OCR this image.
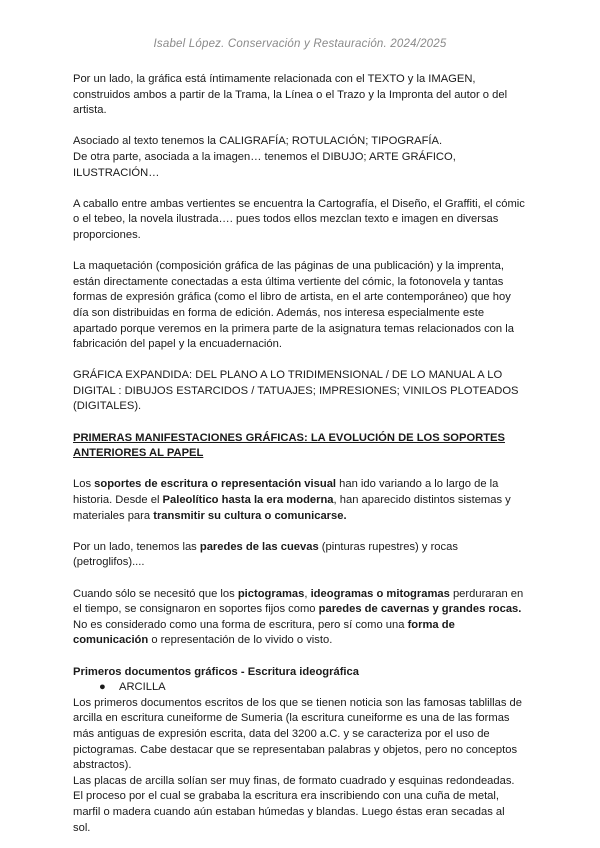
Isabel López. Conservación y Restauración. 2024/2025

Por un lado, la gráfica está íntimamente relacionada con el TEXTO y la IMAGEN, construidos ambos a partir de la Trama, la Línea o el Trazo y la Impronta del autor o del artista.

Asociado al texto tenemos la CALIGRAFÍA; ROTULACIÓN; TIPOGRAFÍA.

De otra parte, asociada a la imagen… tenemos el DIBUJO; ARTE GRÁFICO, ILUSTRACIÓN…

A caballo entre ambas vertientes se encuentra la Cartografía, el Diseño, el Graffiti, el cómic o el tebeo, la novela ilustrada…. pues todos ellos mezclan texto e imagen en diversas proporciones.

La maquetación (composición gráfica de las páginas de una publicación) y la imprenta, están directamente conectadas a esta última vertiente del cómic, la fotonovela y tantas formas de expresión gráfica (como el libro de artista, en el arte contemporáneo) que hoy día son distribuidas en forma de edición. Además, nos interesa especialmente este apartado porque veremos en la primera parte de la asignatura temas relacionados con la fabricación del papel y la encuadernación.

GRÁFICA EXPANDIDA: DEL PLANO A LO TRIDIMENSIONAL / DE LO MANUAL A LO DIGITAL : DIBUJOS ESTARCIDOS / TATUAJES; IMPRESIONES; VINILOS PLOTEADOS (DIGITALES).

PRIMERAS MANIFESTACIONES GRÁFICAS: LA EVOLUCIÓN DE LOS SOPORTES ANTERIORES AL PAPEL

Los soportes de escritura o representación visual han ido variando a lo largo de la historia. Desde el Paleolítico hasta la era moderna, han aparecido distintos sistemas y materiales para transmitir su cultura o comunicarse.

Por un lado, tenemos las paredes de las cuevas (pinturas rupestres) y rocas (petroglifos)....

Cuando sólo se necesitó que los pictogramas, ideogramas o mitogramas perduraran en el tiempo, se consignaron en soportes fijos como paredes de cavernas y grandes rocas. No es considerado como una forma de escritura, pero sí como una forma de comunicación o representación de lo vivido o visto.

Primeros documentos gráficos - Escritura ideográfica

●	ARCILLA

Los primeros documentos escritos de los que se tienen noticia son las famosas tablillas de arcilla en escritura cuneiforme de Sumeria (la escritura cuneiforme es una de las formas más antiguas de expresión escrita, data del 3200 a.C. y se caracteriza por el uso de pictogramas. Cabe destacar que se representaban palabras y objetos, pero no conceptos abstractos).

Las placas de arcilla solían ser muy finas, de formato cuadrado y esquinas redondeadas. El proceso por el cual se grababa la escritura era inscribiendo con una cuña de metal, marfil o madera cuando aún estaban húmedas y blandas. Luego éstas eran secadas al sol.
